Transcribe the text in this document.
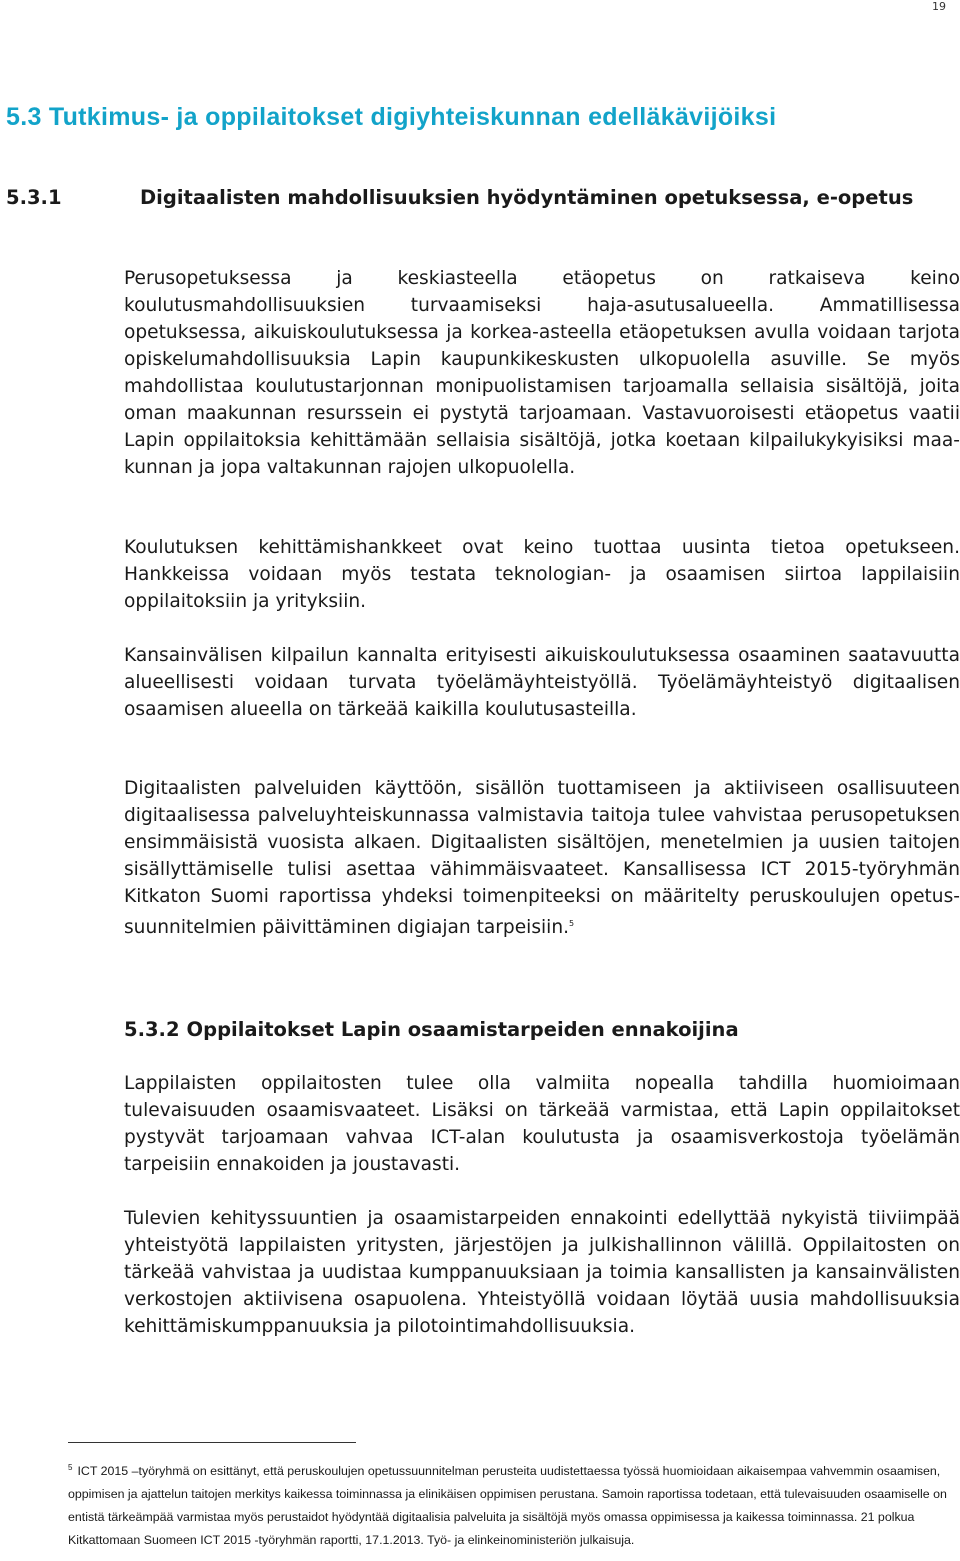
19
5.3 Tutkimus- ja oppilaitokset digiyhteiskunnan edelläkävijöiksi
5.3.1	Digitaalisten mahdollisuuksien hyödyntäminen opetuksessa, e-opetus

Perusopetuksessa ja keskiasteella etäopetus on ratkaiseva keino koulutusmahdollisuuksien turvaamiseksi haja-asutusalueella. Ammatillisessa opetuksessa, aikuiskoulutuksessa ja korkea-asteella etäopetuksen avulla voidaan tarjota opiskelumahdollisuuksia Lapin kaupunkikeskusten ulkopuolella asuville. Se myös mahdollistaa koulutustarjonnan monipuolistamisen tarjoamalla sellaisia sisältöjä, joita oman maakunnan resurssein ei pystytä tarjoamaan. Vastavuoroisesti etäopetus vaatii Lapin oppilaitoksia kehittämään sellaisia sisältöjä, jotka koetaan kilpailukykyisiksi maakunnan ja jopa valtakunnan rajojen ulkopuolella.

Koulutuksen kehittämishankkeet ovat keino tuottaa uusinta tietoa opetukseen. Hankkeissa voidaan myös testata teknologian- ja osaamisen siirtoa lappilaisiin oppilaitoksiin ja yrityksiin.

Kansainvälisen kilpailun kannalta erityisesti aikuiskoulutuksessa osaaminen saatavuutta alueellisesti voidaan turvata työelämäyhteistyöllä. Työelämäyhteistyö digitaalisen osaamisen alueella on tärkeää kaikilla koulutusasteilla.

Digitaalisten palveluiden käyttöön, sisällön tuottamiseen ja aktiiviseen osallisuuteen digitaalisessa palveluyhteiskunnassa valmistavia taitoja tulee vahvistaa perusopetuksen ensimmäisistä vuosista alkaen. Digitaalisten sisältöjen, menetelmien ja uusien taitojen sisällyttämiselle tulisi asettaa vähimmäisvaateet. Kansallisessa ICT 2015-työryhmän Kitkaton Suomi raportissa yhdeksi toimenpiteeksi on määritelty peruskoulujen opetussuunnitelmien päivittäminen digiajan tarpeisiin.$^5$

5.3.2 Oppilaitokset Lapin osaamistarpeiden ennakoijina

Lappilaisten oppilaitosten tulee olla valmiita nopealla tahdilla huomioimaan tulevaisuuden osaamisvaateet. Lisäksi on tärkeää varmistaa, että Lapin oppilaitokset pystyvät tarjoamaan vahvaa ICT-alan koulutusta ja osaamisverkostoja työelämän tarpeisiin ennakoiden ja joustavasti.

Tulevien kehityssuuntien ja osaamistarpeiden ennakointi edellyttää nykyistä tiiviimpää yhteistyötä lappilaisten yritysten, järjestöjen ja julkishallinnon välillä. Oppilaitosten on tärkeää vahvistaa ja uudistaa kumppanuuksiaan ja toimia kansallisten ja kansainvälisten verkostojen aktiivisena osapuolena. Yhteistyöllä voidaan löytää uusia mahdollisuuksia kehittämiskumppanuuksia ja pilotointimahdollisuuksia.

$^5$ ICT 2015 –työryhmä on esittänyt, että peruskoulujen opetussuunnitelman perusteita uudistettaessa työssä huomioidaan aikaisempaa vahvemmin osaamisen, oppimisen ja ajattelun taitojen merkitys kaikessa toiminnassa ja elinikäisen oppimisen perustana. Samoin raportissa todetaan, että tulevaisuuden osaamiselle on entistä tärkeämpää varmistaa myös perustaidot hyödyntää digitaalisia palveluita ja sisältöjä myös omassa oppimisessa ja kaikessa toiminnassa. 21 polkua Kitkattomaan Suomeen ICT 2015 -työryhmän raportti, 17.1.2013. Työ- ja elinkeinoministeriön julkaisuja.
